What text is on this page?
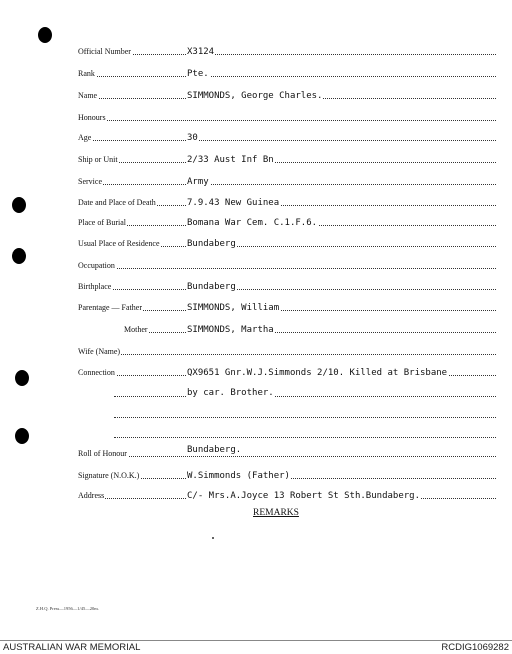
Official Number	X3124
Rank	Pte.
Name	SIMMONDS, George Charles.
Honours
Age	30
Ship or Unit	2/33 Aust Inf Bn
Service	Army
Date and Place of Death	7.9.43 New Guinea
Place of Burial	Bomana War Cem. C.1.F.6.
Usual Place of Residence	Bundaberg
Occupation
Birthplace	Bundaberg
Parentage — Father	SIMMONDS, William
Mother	SIMMONDS, Martha
Wife (Name)
Connection	QX9651 Gnr.W.J.Simmonds 2/10. Killed at Brisbane
by car. Brother.
Roll of Honour	Bundaberg.
Signature (N.O.K.)	W.Simmonds (Father)
Address	C/- Mrs.A.Joyce 13 Robert St Sth.Bundaberg.
REMARKS
Z.H.Q. Press—1956—1/45—20m.
AUSTRALIAN WAR MEMORIAL	RCDIG1069282
